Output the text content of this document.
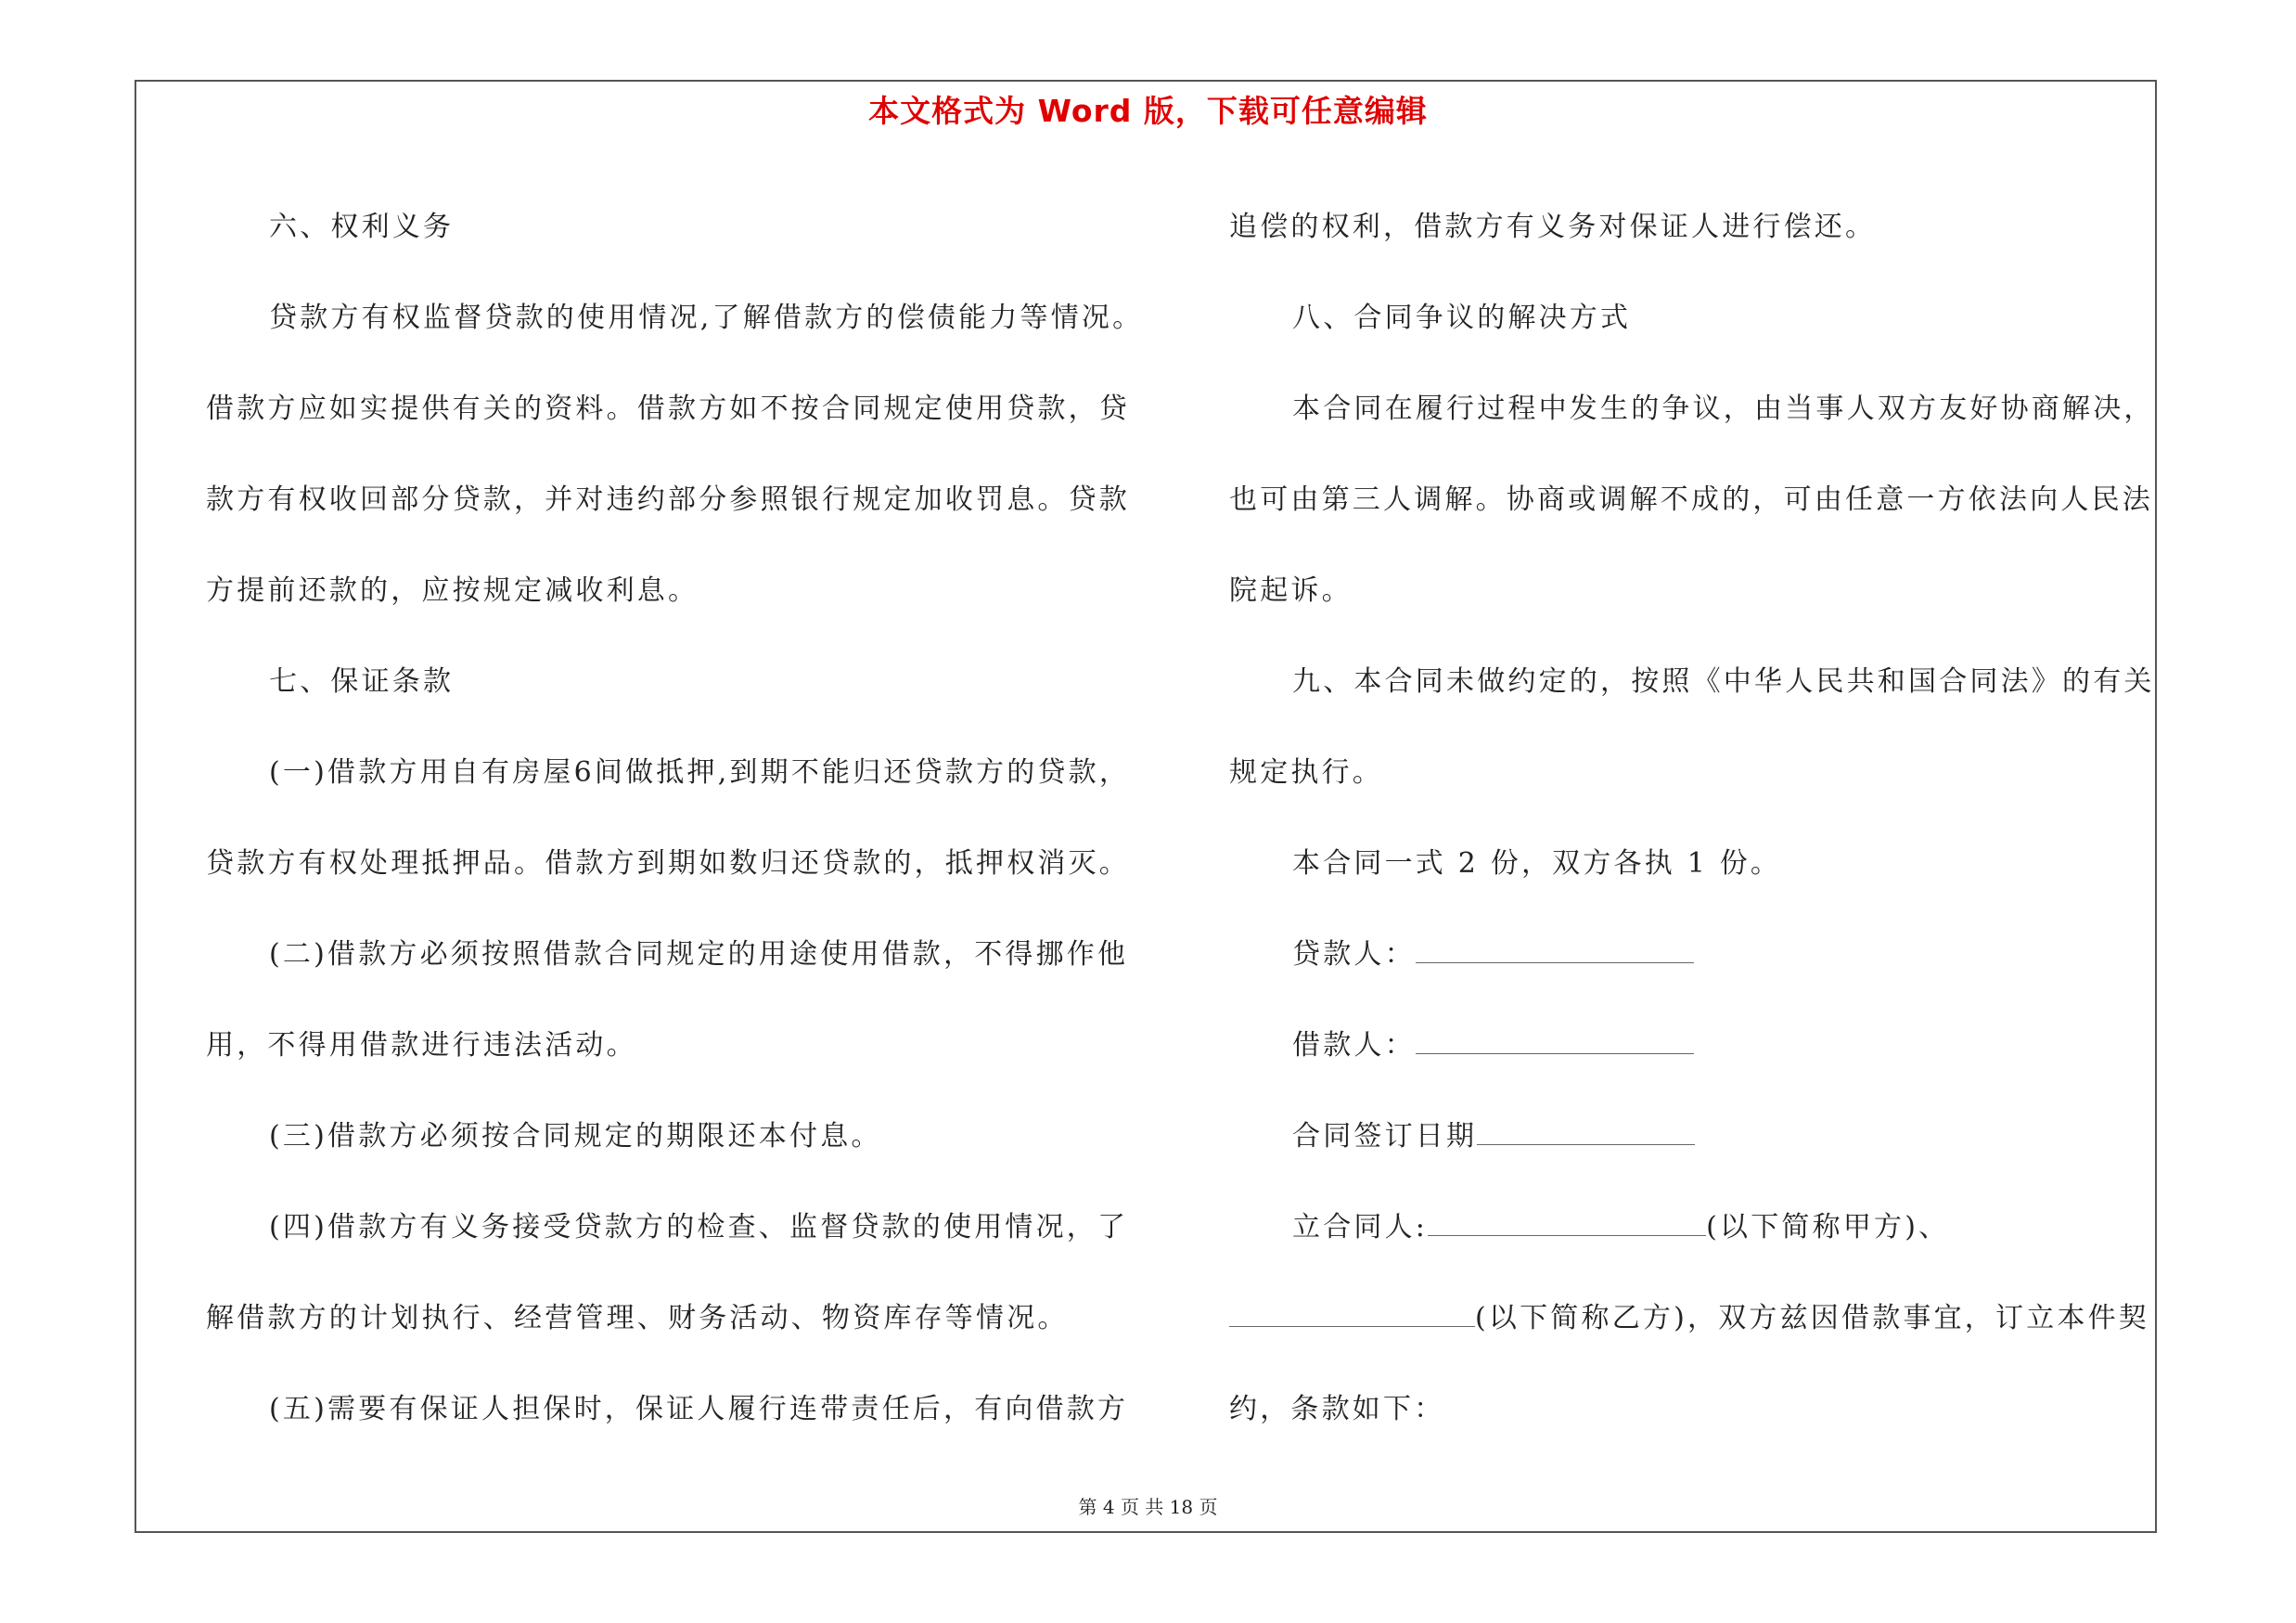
本文格式为 Word 版，下载可任意编辑

六、权利义务

贷款方有权监督贷款的使用情况,了解借款方的偿债能力等情况。

借款方应如实提供有关的资料。借款方如不按合同规定使用贷款，贷

款方有权收回部分贷款，并对违约部分参照银行规定加收罚息。贷款

方提前还款的，应按规定减收利息。

七、保证条款

(一)借款方用自有房屋6间做抵押,到期不能归还贷款方的贷款，

贷款方有权处理抵押品。借款方到期如数归还贷款的，抵押权消灭。

(二)借款方必须按照借款合同规定的用途使用借款，不得挪作他

用，不得用借款进行违法活动。

(三)借款方必须按合同规定的期限还本付息。

(四)借款方有义务接受贷款方的检查、监督贷款的使用情况，了

解借款方的计划执行、经营管理、财务活动、物资库存等情况。

(五)需要有保证人担保时，保证人履行连带责任后，有向借款方

追偿的权利，借款方有义务对保证人进行偿还。

八、合同争议的解决方式

本合同在履行过程中发生的争议，由当事人双方友好协商解决，

也可由第三人调解。协商或调解不成的，可由任意一方依法向人民法

院起诉。

九、本合同未做约定的，按照《中华人民共和国合同法》的有关

规定执行。

本合同一式 2 份，双方各执 1 份。

贷款人：

借款人：

合同签订日期

立合同人:	(以下简称甲方)、

(以下简称乙方)，双方兹因借款事宜，订立本件契

约，条款如下：

第 4 页 共 18 页
